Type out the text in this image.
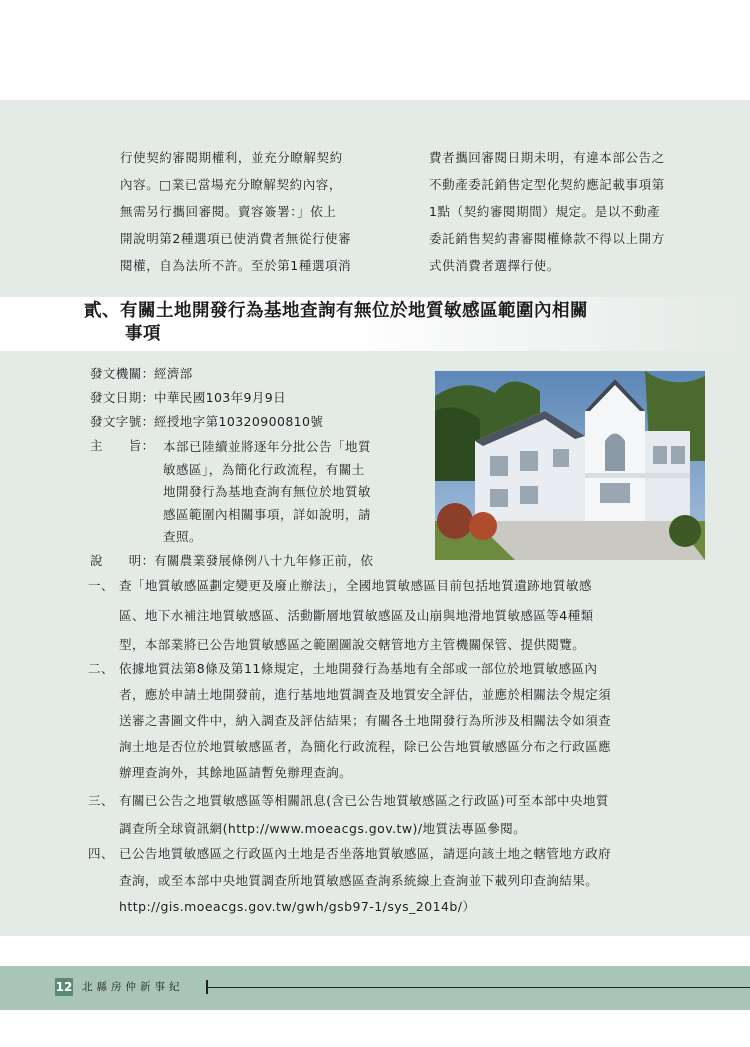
行使契約審閱期權利，並充分瞭解契約
內容。□業已當場充分瞭解契約內容，
無需另行攜回審閱。賣容簽署：」依上
開說明第2種選項已使消費者無從行使審
閱權，自為法所不許。至於第1種選項消
費者攜回審閱日期未明，有違本部公告之
不動產委託銷售定型化契約應記載事項第
1點（契約審閱期間）規定。是以不動產
委託銷售契約書審閱權條款不得以上開方
式供消費者選擇行使。
貳、有關土地開發行為基地查詢有無位於地質敏感區範圍內相關
事項
發文機關：經濟部
發文日期：中華民國103年9月9日
發文字號：經授地字第10320900810號
主　　旨：
說　　明：有關農業發展條例八十九年修正前，依
本部已陸續並將逐年分批公告「地質
敏感區」，為簡化行政流程，有關土
地開發行為基地查詢有無位於地質敏
感區範圍內相關事項，詳如說明，請
查照。
一、 查「地質敏感區劃定變更及廢止辦法」，全國地質敏感區目前包括地質遺跡地質敏感
區、地下水補注地質敏感區、活動斷層地質敏感區及山崩與地滑地質敏感區等4種類
型，本部業將已公告地質敏感區之範圍圖說交轄管地方主管機關保管、提供閱覽。
二、 依據地質法第8條及第11條規定，土地開發行為基地有全部或一部位於地質敏感區內
者，應於申請土地開發前，進行基地地質調查及地質安全評估，並應於相關法令規定須
送審之書圖文件中，納入調查及評估結果；有關各土地開發行為所涉及相關法令如須查
詢土地是否位於地質敏感區者，為簡化行政流程，除已公告地質敏感區分布之行政區應
辦理查詢外，其餘地區請暫免辦理查詢。
三、 有關已公告之地質敏感區等相關訊息(含已公告地質敏感區之行政區)可至本部中央地質
調查所全球資訊網(http://www.moeacgs.gov.tw)/地質法專區參閱。
四、 已公告地質敏感區之行政區內土地是否坐落地質敏感區，請逕向該土地之轄管地方政府
查詢，或至本部中央地質調查所地質敏感區查詢系統線上查詢並下載列印查詢結果。
http://gis.moeacgs.gov.tw/gwh/gsb97-1/sys_2014b/）
12 北縣房仲新事紀
